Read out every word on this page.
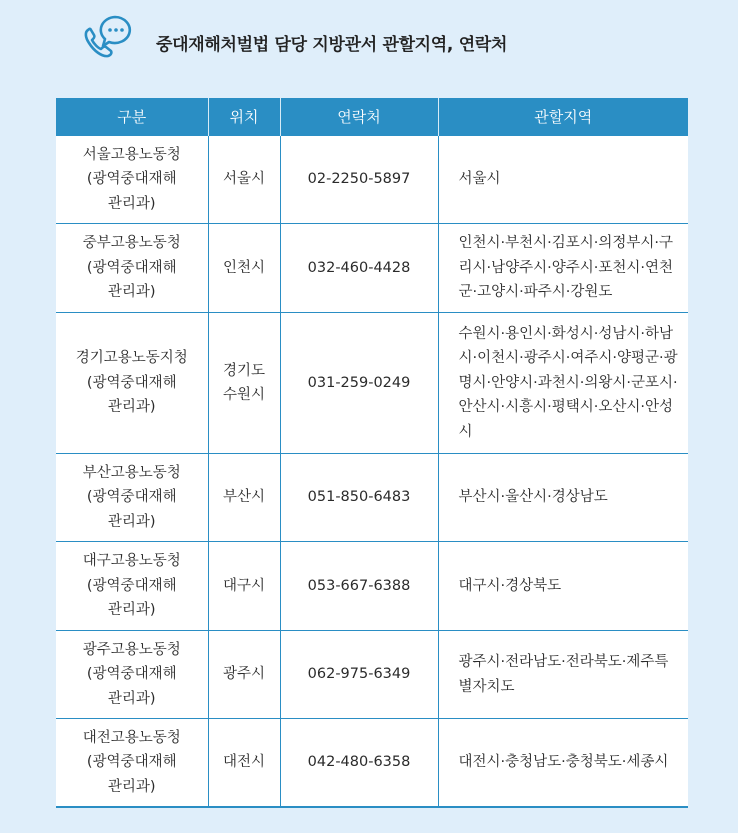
중대재해처벌법 담당 지방관서 관할지역, 연락처
구분	위치	연락처	관할지역

서울고용노동청
(광역중대재해
관리과)	서울시	02-2250-5897	서울시

중부고용노동청
(광역중대재해
관리과)	인천시	032-460-4428	인천시·부천시·김포시·의정부시·구리시·남양주시·양주시·포천시·연천군·고양시·파주시·강원도

경기고용노동지청
(광역중대재해
관리과)	경기도 수원시	031-259-0249	수원시·용인시·화성시·성남시·하남시·이천시·광주시·여주시·양평군·광명시·안양시·과천시·의왕시·군포시·안산시·시흥시·평택시·오산시·안성시

부산고용노동청
(광역중대재해
관리과)	부산시	051-850-6483	부산시·울산시·경상남도

대구고용노동청
(광역중대재해
관리과)	대구시	053-667-6388	대구시·경상북도

광주고용노동청
(광역중대재해
관리과)	광주시	062-975-6349	광주시·전라남도·전라북도·제주특별자치도

대전고용노동청
(광역중대재해
관리과)	대전시	042-480-6358	대전시·충청남도·충청북도·세종시
